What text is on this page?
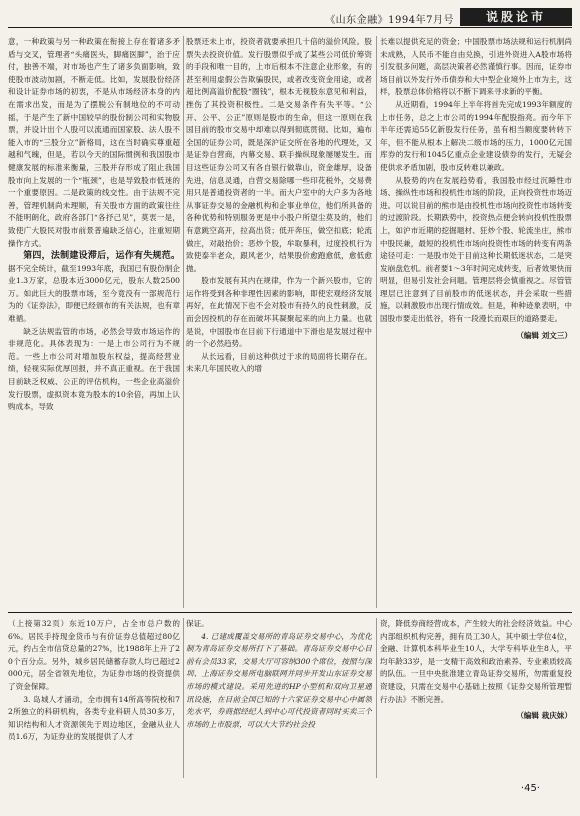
《山东金融》1994年7月号	说股论市

意，一种政策与另一种政策在衔接上存在着诸多矛盾与交叉，管理者“头痛医头，脚痛医脚”，治于应付，独善不端，对市场也产生了诸多负面影响，致使股市波动加剧，不断走低。比如，发展股份经济和设计证券市场的初衷，不是从市场经济本身的内在需求出发，而是为了摆脱公有制地位的不可动摇，于是产生了新中国较早的股份制公司和实物股票，并设计出个人股可以流通而国家股、法人股不能入市的“三股分立”新格局，这在当时确实尊重超越和气魄，但是，若以今天的国际惯例和我国股市健康发展的标准来衡量，三股并存形成了阻止我国股市向上发展的一个“瓶颈”，也是导致股市低迷的一个重要原因。二是政策的线交性。由于法规不完善，管理机制尚未理顺，有关股市方面的政策往往不能明朗化，政府各部门“各抒己见”，莫衷一是，致使广大股民对股市前景普遍缺乏信心，注重短期操作方式。

第四，法制建设滞后，运作有失规范。据不完全统计，截至1993年底，我国已有股份制企业1.3万家，总股本近3000亿元，股东人数2500万。如此巨大的股票市场，至今竟没有一部规范行为的《证券法》，即便已经颁布的有关法规，也有章难循。

缺乏法规监管的市场，必然会导致市场运作的非规范化。具体表现为：一是上市公司行为不规范。一些上市公司对增加股东权益，提高经营业绩，轻视实际优厚回报，并不真正重视。在于我国目前缺乏权威、公正的评估机构，一些企业高溢价发行股票，虚拟资本竟为股本的10余倍，再加上认购成本，导致

股票还未上市，投资者就要承担几十倍的溢价风险。股票失去投资价值。发行股票似乎成了某些公司低价筹资的手段和唯一目的，上市后根本不注意企业形象，有的甚至利用虚假公告欺骗股民，或者改变资金用途，或者超比例高溢价配股“圈钱”，根本无视股东意见和利益，挫伤了其投资积极性。二是交易条件有失平等。“公开、公平、公正”原则是股市的生命，但这一原则在我国目前的股市交易中却难以得到彻底贯彻。比如，遍布全国的证券公司，既是深沪证交所在各地的代理处，又是证券自营商，内幕交易、联手操纵现象屡屡发生。而目这些证券公司又有各自银行做靠山，资金雄厚，设备先进，信息灵通，自营交易除哪一些印花税外，交易费用只是普通投资者的一半。而大户室中的大户多为各地从事证券交易的金融机构和企事业单位，他们所具备的各种优势和特别服务更是中小股户所望尘莫及的，他们有意跳空高开，拉高出货；低开奔压，做空扣底；轮流做庄，对敲抬价；恶炒个股，牟取暴利，过度投机行为致使泰半老众，跟风老少，结果股价愈跑愈低，愈低愈抛。

股市发展有其内在规律，作为一个新兴股市，它的运作将受到各种非理性因素的影响，即使宏观经济发展再好，在此情况下也不会对股市有持久的良性刺激，反而会因投机的存在而破坏其凝聚起来的向上力量。也就是说，中国股市在目前下行通道中下滑也是发展过程中的一个必然趋势。

从长远看，目前这种供过于求的局面将长期存在。未来几年国民收入的增

长难以提供充足的资金；中国股票市场法规和运行机制尚未成熟，人民币不能自由兑换，引进外资进入A股市场将引发很多问题，高层决策者必然谨慎行事。因而，证券市场目前以外发行外币债券和大中型企业境外上市为主，这样，股票总体价格将以不断下调来寻求新的平衡。

从近期看，1994年上半年将首先完成1993年额度的上市任务，总之上市公司的1994年配股指亮。而今年下半年还需追55亿新股发行任务，虽有相当额度要转转下年，但不能从根本上解决二级市场的压力，1000亿元国库券的发行和1045亿重点企业建设债券的发行，无疑会使供求矛盾加剧，股市反转难以兼政。

从股势的内在发展趋势看，我国股市经过沉睡性市场、操纵性市场和投机性市场的阶段，正向投资性市场迈进。可以说目前的熊市是由投机性市场向投资性市场转变的过渡阶段。长期跌势中，投资热点便会转向投机性股票上，如沪市近期的挖掘题材、狂炒个股、轮流坐庄，熊市中股民兼，最短的投机性市场向投资性市场的转变有两条途径可走：一是股市处于目前这种长期低迷状态，二是突发崩盘危机。前者要1～3年时间完成转变，后者效果快而明显，但易引发社会问题。管理层将会慎重视之。尽管管理层已注意到了目前股市的低迷状态，并会采取一些措施，以刺激股市出现行情成效。但是，种种迹象表明，中国股市要走出低谷，将有一段漫长而艰巨的道路要走。

（编辑 刘文三）

（上接第32页）东近10万户，占全市总户数的6%。居民手持现金货币与有价证券总值超过80亿元，约占全市信贷总量的27%，比1988年上升了20个百分点。另外，城乡居民储蓄存款人均已超过2000元，居全省领先地位，为证券市场的投资提供了资金保障。

3. 岛城人才涌动，全市拥有14所高等院校和72所独立的科研机构，各类专业科研人员30多万，知识结构和人才资源领先于周边地区，金融从业人员1.6万，为证券业的发展提供了人才

保证。

4. 已建成覆盖交易所的青岛证券交易中心，为优化制为青岛证券交易所打下了基础。青岛证券交易中心目前有会员33家，交易大厅可容纳300个席位，按照与深圳、上海证券交易所电脑联网并同步开发山东证券交易市场的模式建设。采用先进的HP小型机和双向卫星通讯设施，在目前全国已知的十六家证券交易中心中属领先水平，券商据经纪人到中心可代投资者同时买卖三个市场的上市股票，可以大大节约社会投

资，降低券商经营成本，产生较大的社会经济效益。中心内部组织机构完善，拥有员工30人，其中硕士学位4位，金融、计算机本科毕业生10人，大学专科毕业生8人，平均年龄33岁，是一支精干高效和政治素养、专业素质较高的队伍。一旦中央批准建立青岛证券交易所，勿需重复投资建设，只需在交易中心基础上按照《证券交易所管理暂行办法》不断完善。

（编辑 栽庆妹）
·45·
